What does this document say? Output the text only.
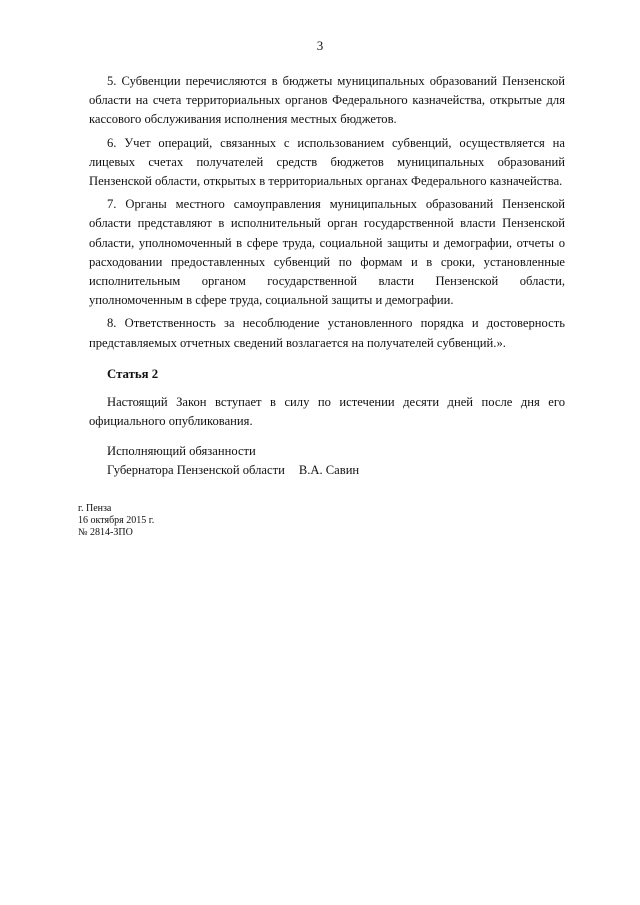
3

5. Субвенции перечисляются в бюджеты муниципальных образований Пензенской области на счета территориальных органов Федерального казначейства, открытые для кассового обслуживания исполнения местных бюджетов.

6. Учет операций, связанных с использованием субвенций, осуществляется на лицевых счетах получателей средств бюджетов муниципальных образований Пензенской области, открытых в территориальных органах Федерального казначейства.

7. Органы местного самоуправления муниципальных образований Пензенской области представляют в исполнительный орган государственной власти Пензенской области, уполномоченный в сфере труда, социальной защиты и демографии, отчеты о расходовании предоставленных субвенций по формам и в сроки, установленные исполнительным органом государственной власти Пензенской области, уполномоченным в сфере труда, социальной защиты и демографии.

8. Ответственность за несоблюдение установленного порядка и достоверность представляемых отчетных сведений возлагается на получателей субвенций.».

Статья 2

Настоящий Закон вступает в силу по истечении десяти дней после дня его официального опубликования.

Исполняющий обязанности
Губернатора Пензенской области В.А. Савин
г. Пенза
16 октября 2015 г.
№ 2814-ЗПО
